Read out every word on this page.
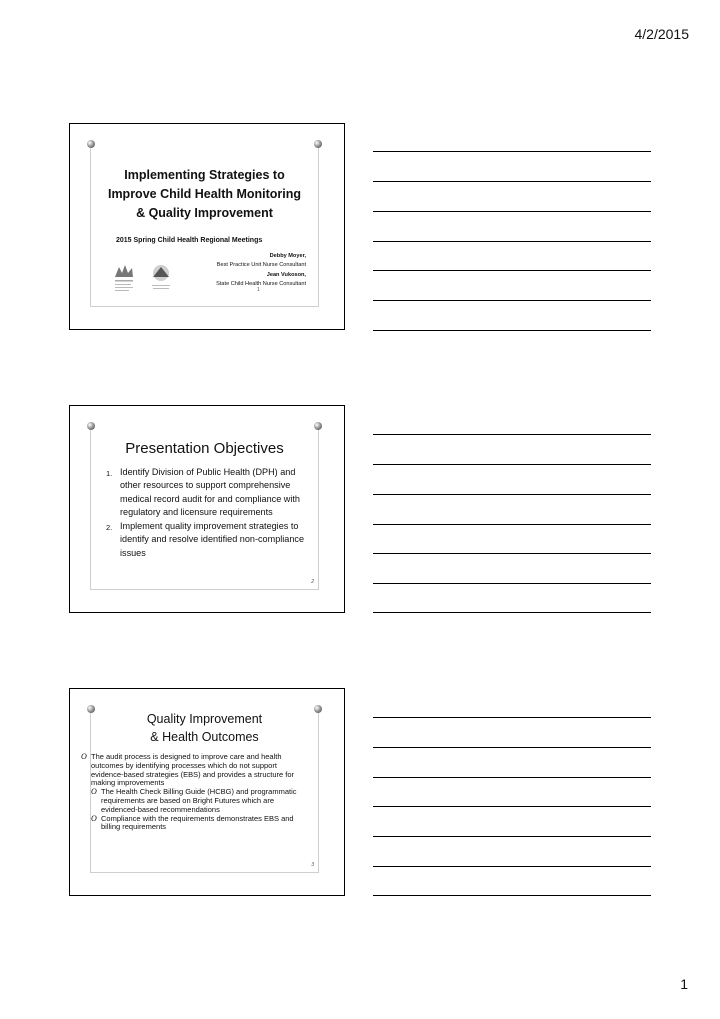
4/2/2015
Implementing Strategies to
Improve Child Health Monitoring
& Quality Improvement
2015 Spring Child Health Regional Meetings
Debby Moyer,
Best Practice Unit Nurse Consultant
Jean Vukoson,
State Child Health Nurse Consultant
1
Presentation Objectives
1. Identify Division of Public Health (DPH) and other resources to support comprehensive medical record audit for and compliance with regulatory and licensure requirements
2. Implement quality improvement strategies to identify and resolve identified non-compliance issues
2
Quality Improvement
& Health Outcomes
O The audit process is designed to improve care and health outcomes by identifying processes which do not support evidence-based strategies (EBS) and provides a structure for making improvements
O The Health Check Billing Guide (HCBG) and programmatic requirements are based on Bright Futures which are evidenced-based recommendations
O Compliance with the requirements demonstrates EBS and billing requirements
3
1
